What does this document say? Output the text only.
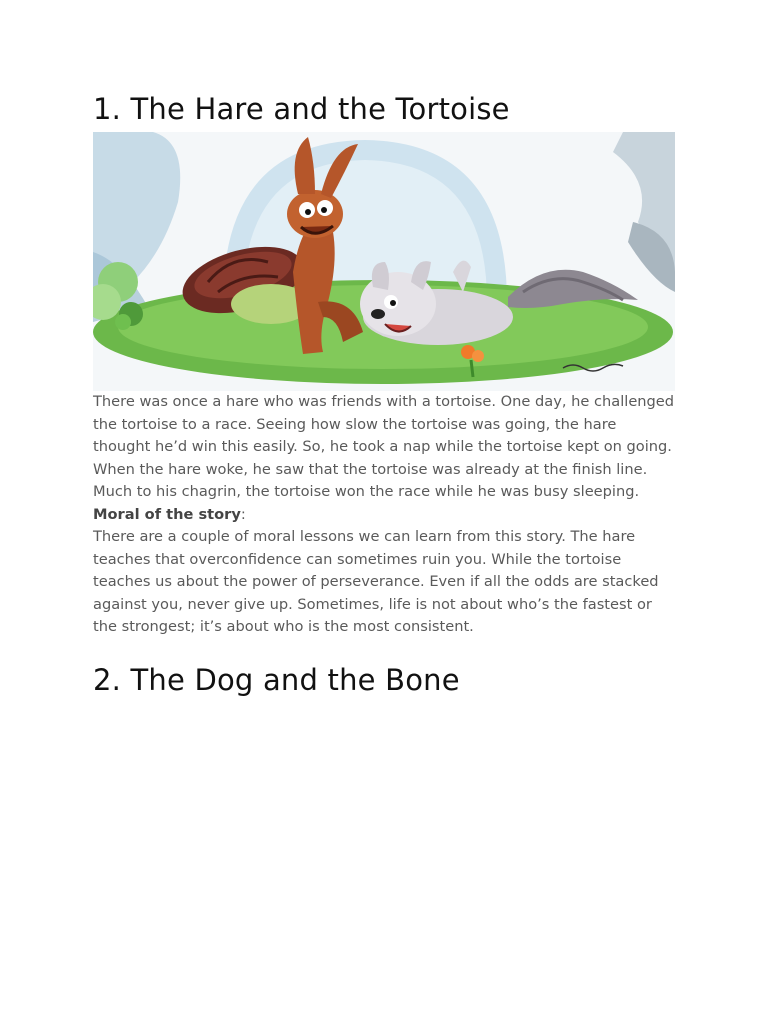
1. The Hare and the Tortoise

There was once a hare who was friends with a tortoise. One day, he challenged the tortoise to a race. Seeing how slow the tortoise was going, the hare thought he’d win this easily. So, he took a nap while the tortoise kept on going. When the hare woke, he saw that the tortoise was already at the finish line. Much to his chagrin, the tortoise won the race while he was busy sleeping.

Moral of the story:

There are a couple of moral lessons we can learn from this story. The hare teaches that overconfidence can sometimes ruin you. While the tortoise teaches us about the power of perseverance. Even if all the odds are stacked against you, never give up. Sometimes, life is not about who’s the fastest or the strongest; it’s about who is the most consistent.

2. The Dog and the Bone
